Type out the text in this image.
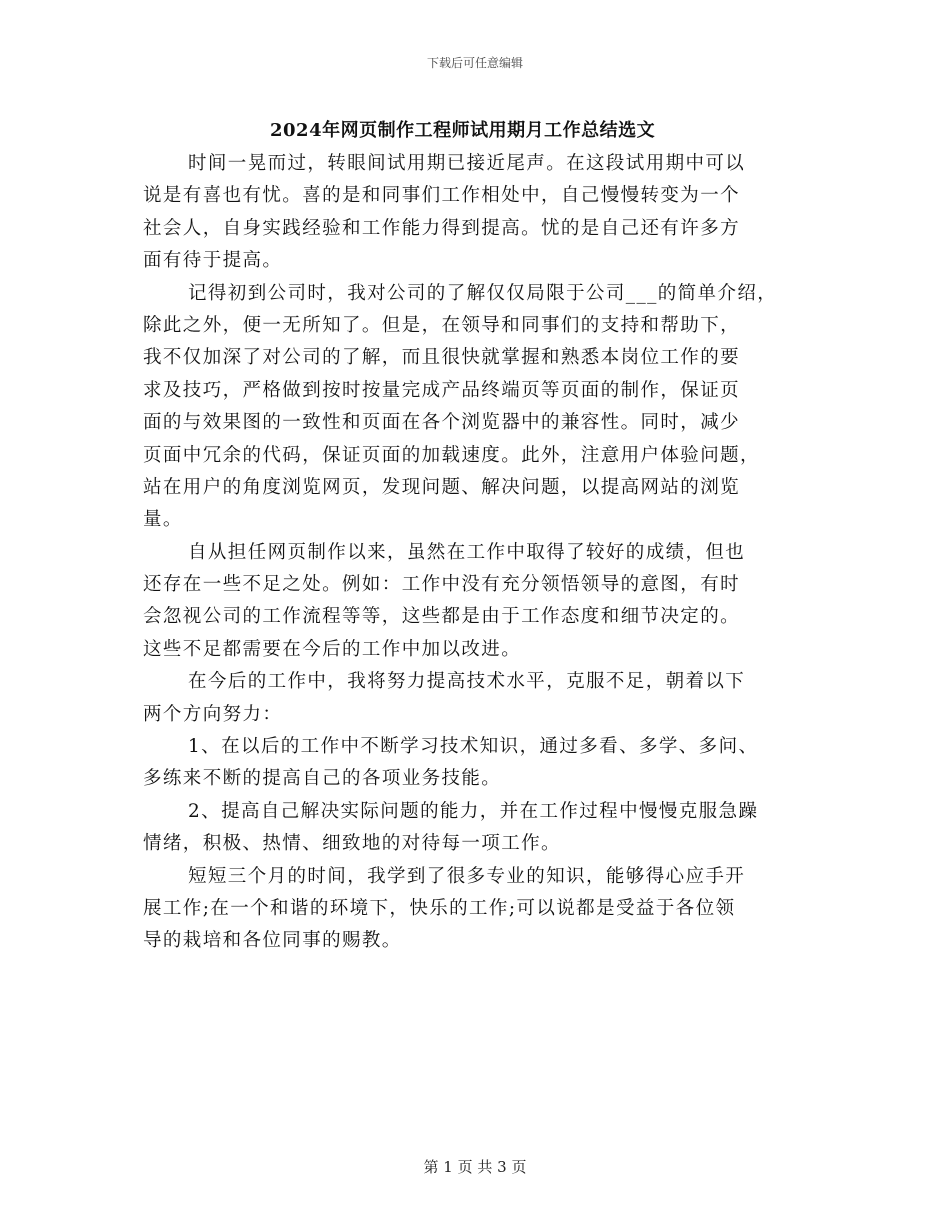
下载后可任意编辑
2024年网页制作工程师试用期月工作总结选文
时间一晃而过，转眼间试用期已接近尾声。在这段试用期中可以
说是有喜也有忧。喜的是和同事们工作相处中，自己慢慢转变为一个
社会人，自身实践经验和工作能力得到提高。忧的是自己还有许多方
面有待于提高。
记得初到公司时，我对公司的了解仅仅局限于公司___的简单介绍，
除此之外，便一无所知了。但是，在领导和同事们的支持和帮助下，
我不仅加深了对公司的了解，而且很快就掌握和熟悉本岗位工作的要
求及技巧，严格做到按时按量完成产品终端页等页面的制作，保证页
面的与效果图的一致性和页面在各个浏览器中的兼容性。同时，减少
页面中冗余的代码，保证页面的加载速度。此外，注意用户体验问题，
站在用户的角度浏览网页，发现问题、解决问题，以提高网站的浏览
量。
自从担任网页制作以来，虽然在工作中取得了较好的成绩，但也
还存在一些不足之处。例如：工作中没有充分领悟领导的意图，有时
会忽视公司的工作流程等等，这些都是由于工作态度和细节决定的。
这些不足都需要在今后的工作中加以改进。
在今后的工作中，我将努力提高技术水平，克服不足，朝着以下
两个方向努力：
1、在以后的工作中不断学习技术知识，通过多看、多学、多问、
多练来不断的提高自己的各项业务技能。
2、提高自己解决实际问题的能力，并在工作过程中慢慢克服急躁
情绪，积极、热情、细致地的对待每一项工作。
短短三个月的时间，我学到了很多专业的知识，能够得心应手开
展工作;在一个和谐的环境下，快乐的工作;可以说都是受益于各位领
导的栽培和各位同事的赐教。
第 1 页 共 3 页
